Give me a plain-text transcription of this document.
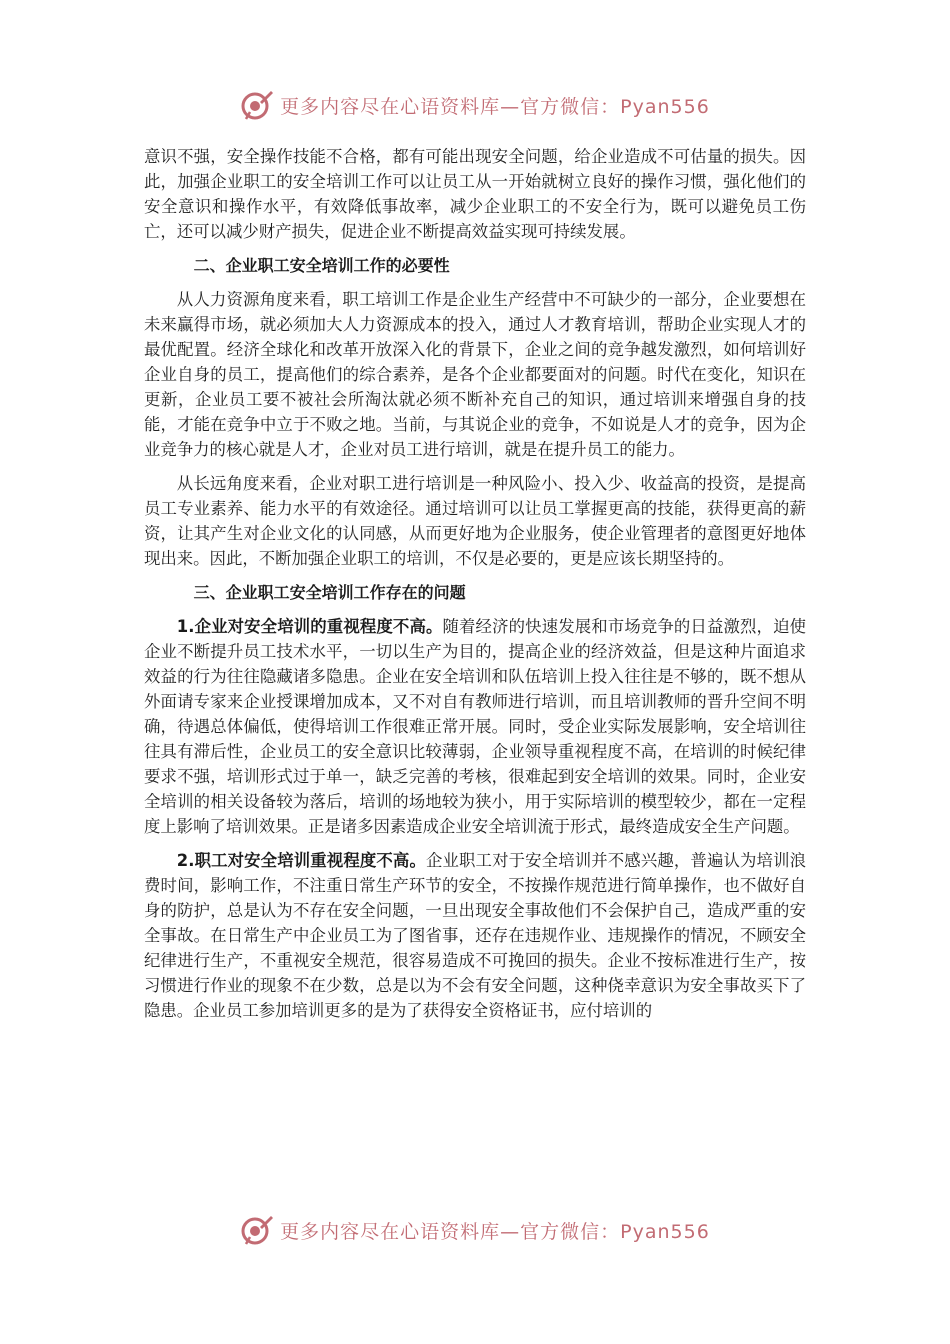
更多内容尽在心语资料库—官方微信：Pyan556

意识不强，安全操作技能不合格，都有可能出现安全问题，给企业造成不可估量的损失。因此，加强企业职工的安全培训工作可以让员工从一开始就树立良好的操作习惯，强化他们的安全意识和操作水平，有效降低事故率，减少企业职工的不安全行为，既可以避免员工伤亡，还可以减少财产损失，促进企业不断提高效益实现可持续发展。

二、企业职工安全培训工作的必要性

从人力资源角度来看，职工培训工作是企业生产经营中不可缺少的一部分，企业要想在未来赢得市场，就必须加大人力资源成本的投入，通过人才教育培训，帮助企业实现人才的最优配置。经济全球化和改革开放深入化的背景下，企业之间的竞争越发激烈，如何培训好企业自身的员工，提高他们的综合素养，是各个企业都要面对的问题。时代在变化，知识在更新，企业员工要不被社会所淘汰就必须不断补充自己的知识，通过培训来增强自身的技能，才能在竞争中立于不败之地。当前，与其说企业的竞争，不如说是人才的竞争，因为企业竞争力的核心就是人才，企业对员工进行培训，就是在提升员工的能力。

从长远角度来看，企业对职工进行培训是一种风险小、投入少、收益高的投资，是提高员工专业素养、能力水平的有效途径。通过培训可以让员工掌握更高的技能，获得更高的薪资，让其产生对企业文化的认同感，从而更好地为企业服务，使企业管理者的意图更好地体现出来。因此，不断加强企业职工的培训，不仅是必要的，更是应该长期坚持的。

三、企业职工安全培训工作存在的问题

1.企业对安全培训的重视程度不高。随着经济的快速发展和市场竞争的日益激烈，迫使企业不断提升员工技术水平，一切以生产为目的，提高企业的经济效益，但是这种片面追求效益的行为往往隐藏诸多隐患。企业在安全培训和队伍培训上投入往往是不够的，既不想从外面请专家来企业授课增加成本，又不对自有教师进行培训，而且培训教师的晋升空间不明确，待遇总体偏低，使得培训工作很难正常开展。同时，受企业实际发展影响，安全培训往往具有滞后性，企业员工的安全意识比较薄弱，企业领导重视程度不高，在培训的时候纪律要求不强，培训形式过于单一，缺乏完善的考核，很难起到安全培训的效果。同时，企业安全培训的相关设备较为落后，培训的场地较为狭小，用于实际培训的模型较少，都在一定程度上影响了培训效果。正是诸多因素造成企业安全培训流于形式，最终造成安全生产问题。

2.职工对安全培训重视程度不高。企业职工对于安全培训并不感兴趣，普遍认为培训浪费时间，影响工作，不注重日常生产环节的安全，不按操作规范进行简单操作，也不做好自身的防护，总是认为不存在安全问题，一旦出现安全事故他们不会保护自己，造成严重的安全事故。在日常生产中企业员工为了图省事，还存在违规作业、违规操作的情况，不顾安全纪律进行生产，不重视安全规范，很容易造成不可挽回的损失。企业不按标准进行生产，按习惯进行作业的现象不在少数，总是以为不会有安全问题，这种侥幸意识为安全事故买下了隐患。企业员工参加培训更多的是为了获得安全资格证书，应付培训的

更多内容尽在心语资料库—官方微信：Pyan556
